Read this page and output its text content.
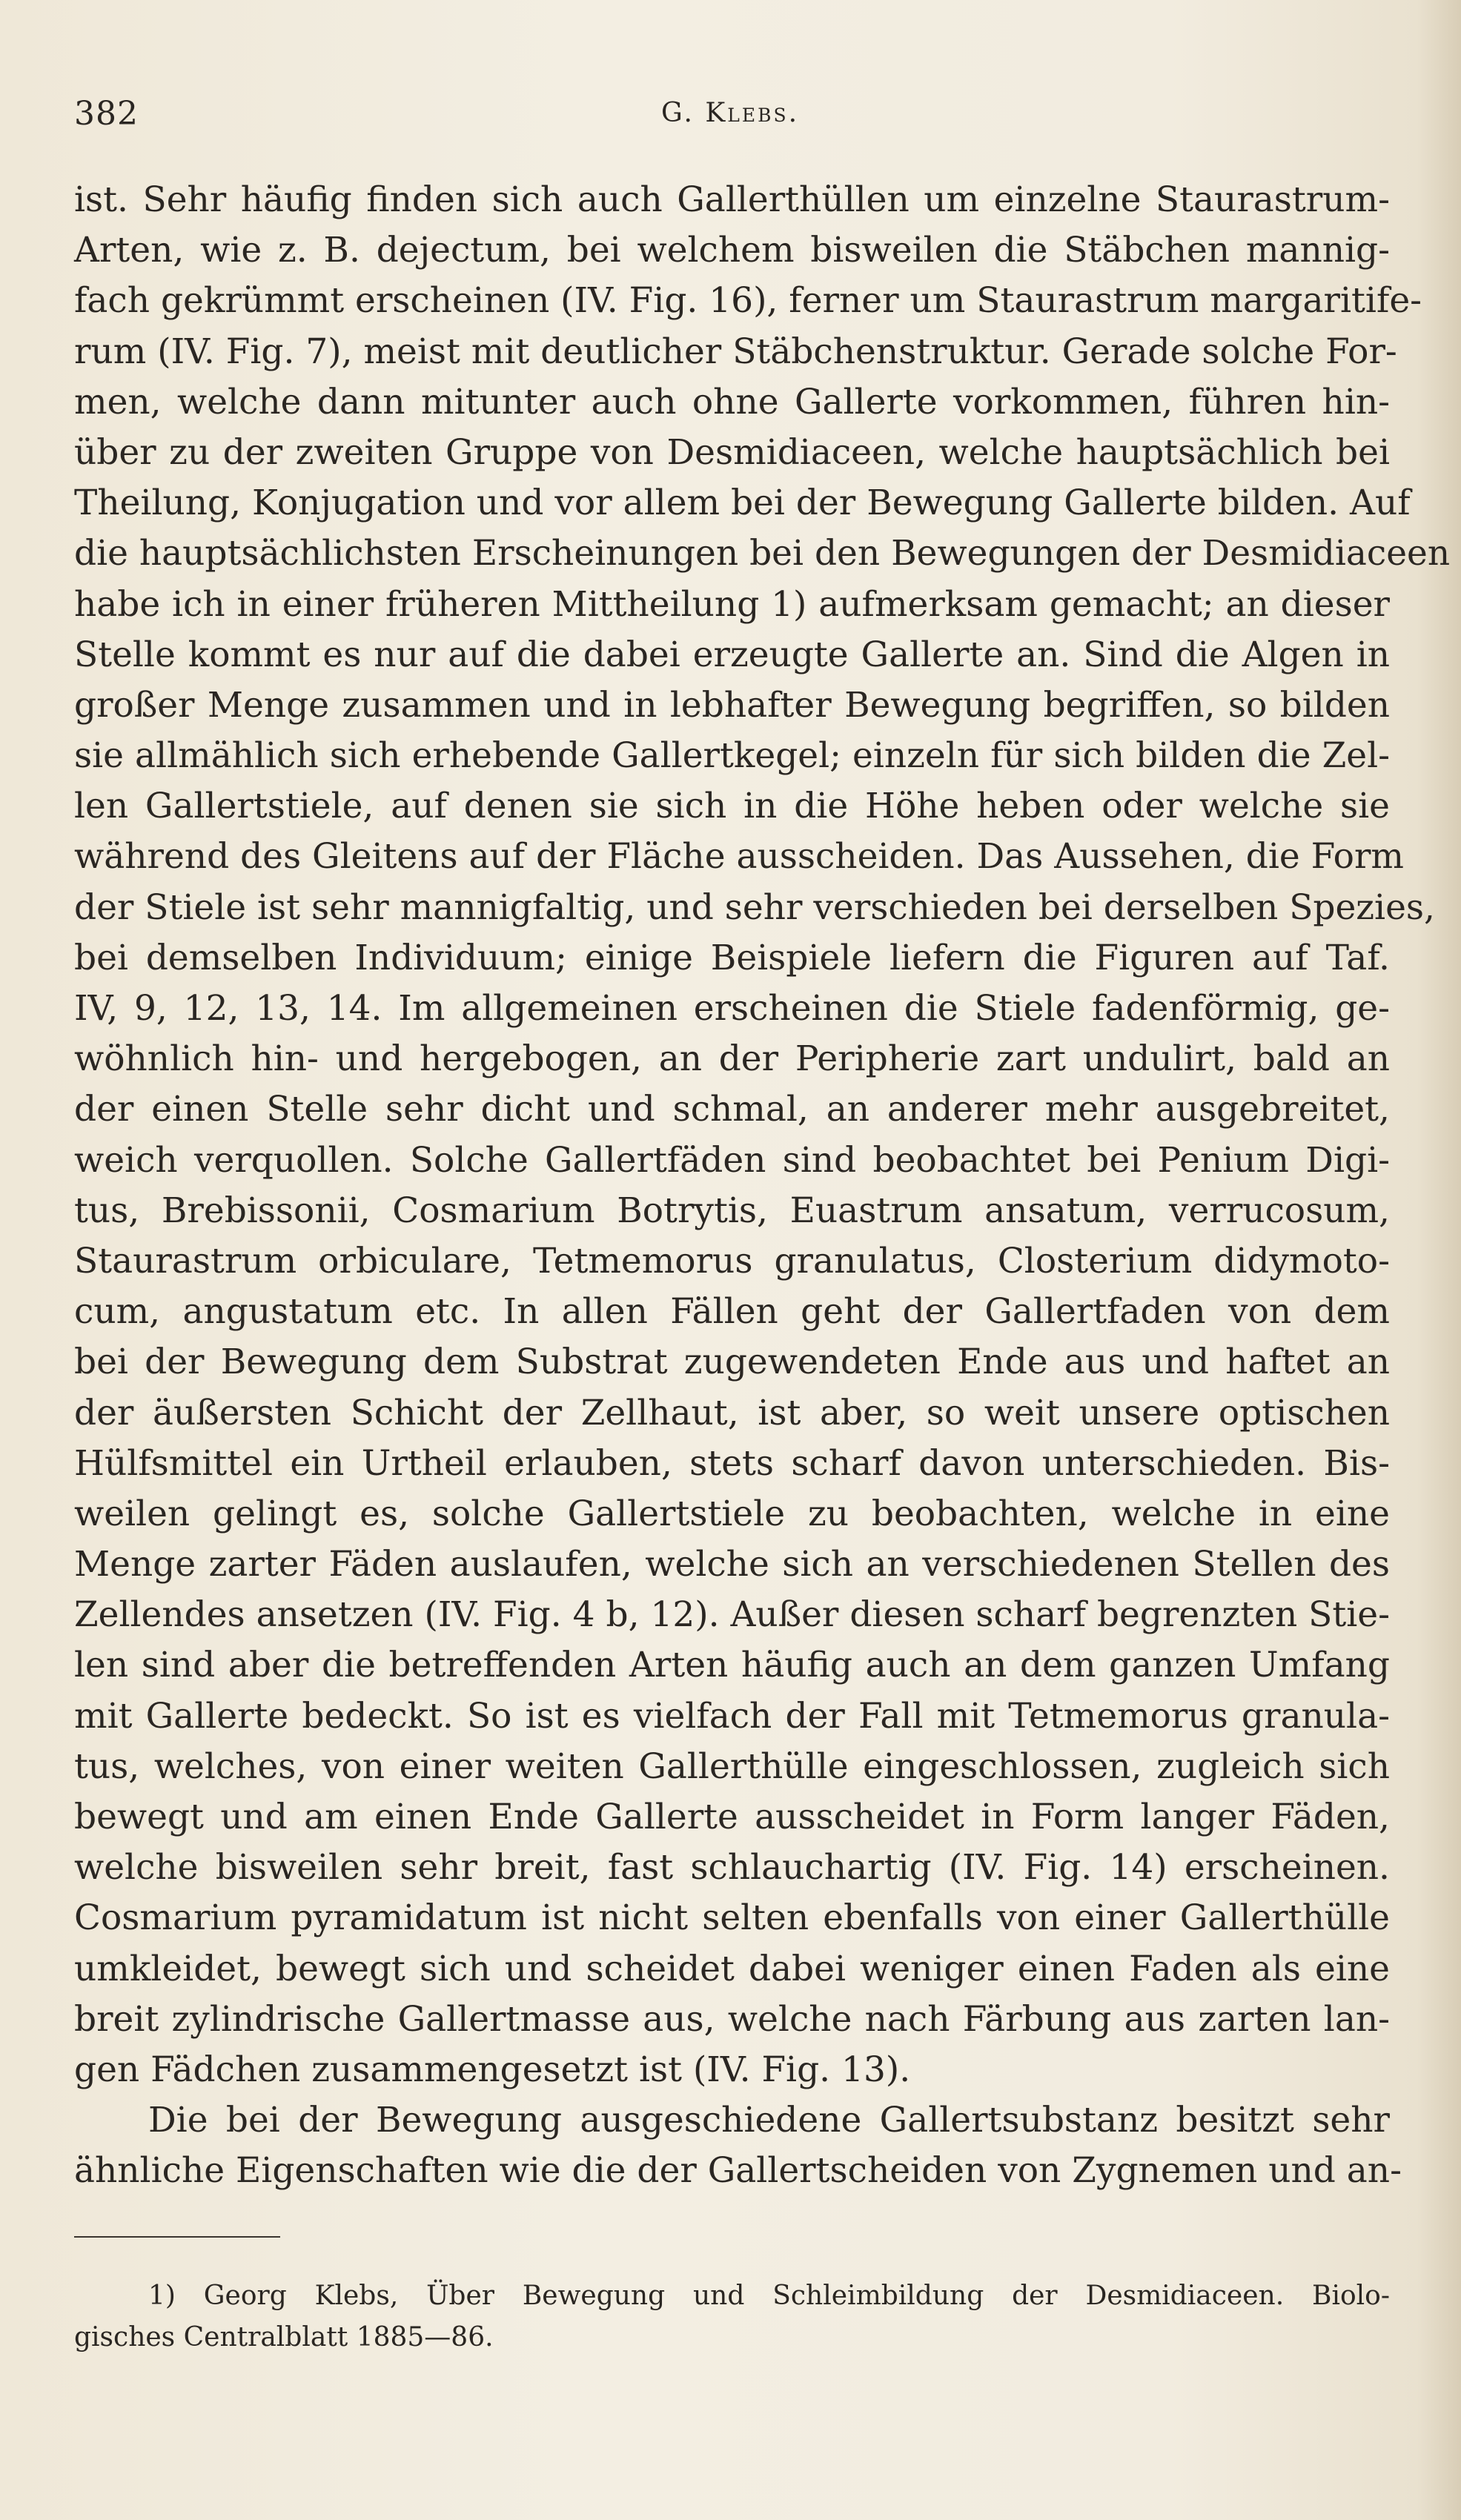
382	G. Klebs.
ist. Sehr häufig finden sich auch Gallerthüllen um einzelne Staurastrum-
Arten, wie z. B. dejectum, bei welchem bisweilen die Stäbchen mannig-
fach gekrümmt erscheinen (IV. Fig. 16), ferner um Staurastrum margaritife-
rum (IV. Fig. 7), meist mit deutlicher Stäbchenstruktur. Gerade solche For-
men, welche dann mitunter auch ohne Gallerte vorkommen, führen hin-
über zu der zweiten Gruppe von Desmidiaceen, welche hauptsächlich bei
Theilung, Konjugation und vor allem bei der Bewegung Gallerte bilden. Auf
die hauptsächlichsten Erscheinungen bei den Bewegungen der Desmidiaceen
habe ich in einer früheren Mittheilung 1) aufmerksam gemacht; an dieser
Stelle kommt es nur auf die dabei erzeugte Gallerte an. Sind die Algen in
großer Menge zusammen und in lebhafter Bewegung begriffen, so bilden
sie allmählich sich erhebende Gallertkegel; einzeln für sich bilden die Zel-
len Gallertstiele, auf denen sie sich in die Höhe heben oder welche sie
während des Gleitens auf der Fläche ausscheiden. Das Aussehen, die Form
der Stiele ist sehr mannigfaltig, und sehr verschieden bei derselben Spezies,
bei demselben Individuum; einige Beispiele liefern die Figuren auf Taf.
IV, 9, 12, 13, 14. Im allgemeinen erscheinen die Stiele fadenförmig, ge-
wöhnlich hin- und hergebogen, an der Peripherie zart undulirt, bald an
der einen Stelle sehr dicht und schmal, an anderer mehr ausgebreitet,
weich verquollen. Solche Gallertfäden sind beobachtet bei Penium Digi-
tus, Brebissonii, Cosmarium Botrytis, Euastrum ansatum, verrucosum,
Staurastrum orbiculare, Tetmemorus granulatus, Closterium didymoto-
cum, angustatum etc. In allen Fällen geht der Gallertfaden von dem
bei der Bewegung dem Substrat zugewendeten Ende aus und haftet an
der äußersten Schicht der Zellhaut, ist aber, so weit unsere optischen
Hülfsmittel ein Urtheil erlauben, stets scharf davon unterschieden. Bis-
weilen gelingt es, solche Gallertstiele zu beobachten, welche in eine
Menge zarter Fäden auslaufen, welche sich an verschiedenen Stellen des
Zellendes ansetzen (IV. Fig. 4 b, 12). Außer diesen scharf begrenzten Stie-
len sind aber die betreffenden Arten häufig auch an dem ganzen Umfang
mit Gallerte bedeckt. So ist es vielfach der Fall mit Tetmemorus granula-
tus, welches, von einer weiten Gallerthülle eingeschlossen, zugleich sich
bewegt und am einen Ende Gallerte ausscheidet in Form langer Fäden,
welche bisweilen sehr breit, fast schlauchartig (IV. Fig. 14) erscheinen.
Cosmarium pyramidatum ist nicht selten ebenfalls von einer Gallerthülle
umkleidet, bewegt sich und scheidet dabei weniger einen Faden als eine
breit zylindrische Gallertmasse aus, welche nach Färbung aus zarten lan-
gen Fädchen zusammengesetzt ist (IV. Fig. 13).
Die bei der Bewegung ausgeschiedene Gallertsubstanz besitzt sehr
ähnliche Eigenschaften wie die der Gallertscheiden von Zygnemen und an-
1) Georg Klebs, Über Bewegung und Schleimbildung der Desmidiaceen. Biolo-
gisches Centralblatt 1885—86.
